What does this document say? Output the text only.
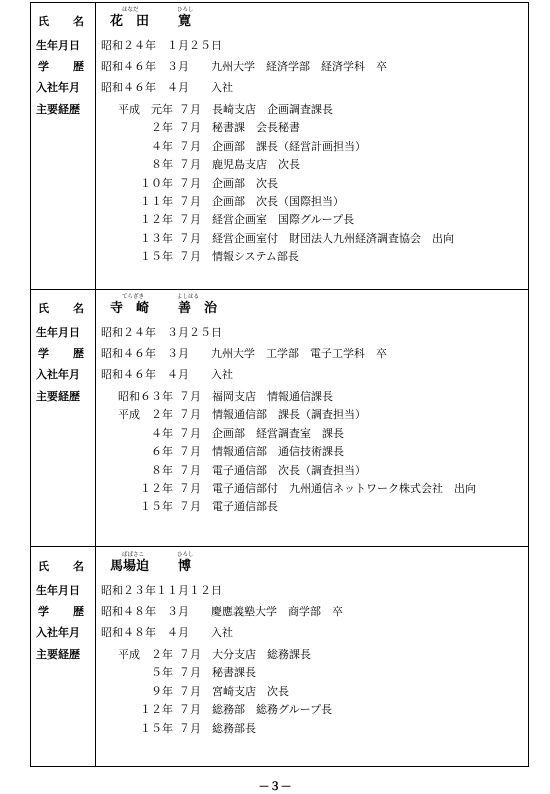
氏 名
はなだ	ひろし
花　田 寛
生年月日 昭和２４年　１月２５日
学 歴 昭和４６年　３月　　九州大学　経済学部　経済学科　卒
入社年月 昭和４６年　４月　　入社
主要経歴	平成　元年 ７月 長崎支店　企画調査課長
２年 ７月 秘書課　会長秘書
４年 ７月 企画部　課長（経営計画担当）
８年 ７月 鹿児島支店　次長
１０年 ７月 企画部　次長
１１年 ７月 企画部　次長（国際担当）
１２年 ７月 経営企画室　国際グループ長
１３年 ７月 経営企画室付　財団法人九州経済調査協会　出向
１５年 ７月 情報システム部長
氏 名
てらざき	よしはる
寺　崎 善　治
生年月日 昭和２４年　３月２５日
学 歴 昭和４６年　３月　　九州大学　工学部　電子工学科　卒
入社年月 昭和４６年　４月　　入社
主要経歴	昭和６３年 ７月 福岡支店　情報通信課長
平成　２年 ７月 情報通信部　課長（調査担当）
４年 ７月 企画部　経営調査室　課長
６年 ７月 情報通信部　通信技術課長
８年 ７月 電子通信部　次長（調査担当）
１２年 ７月 電子通信部付　九州通信ネットワーク株式会社　出向
１５年 ７月 電子通信部長
氏 名
ばばさこ	ひろし
馬場迫 博
生年月日 昭和２３年１１月１２日
学 歴 昭和４８年　３月　　慶應義塾大学　商学部　卒
入社年月 昭和４８年　４月　　入社
主要経歴	平成　２年 ７月 大分支店　総務課長
５年 ７月 秘書課長
９年 ７月 宮崎支店　次長
１２年 ７月 総務部　総務グループ長
１５年 ７月 総務部長
－３－
